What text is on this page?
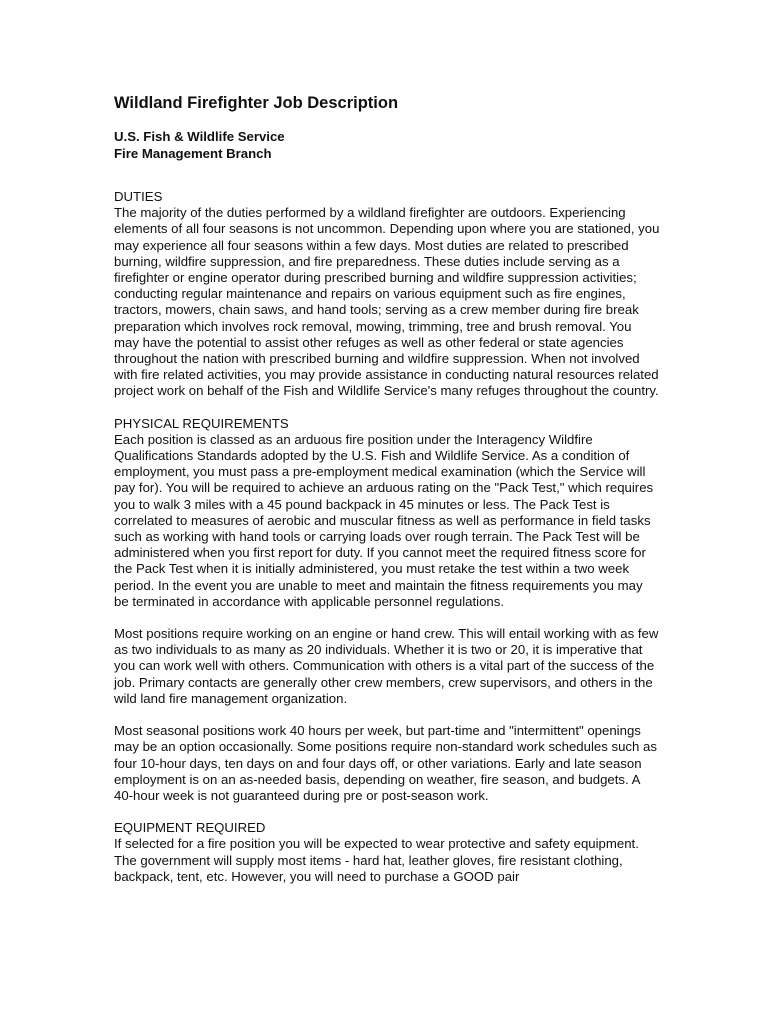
Wildland Firefighter Job Description
U.S. Fish & Wildlife Service
Fire Management Branch
DUTIES

The majority of the duties performed by a wildland firefighter are outdoors. Experiencing elements of all four seasons is not uncommon. Depending upon where you are stationed, you may experience all four seasons within a few days. Most duties are related to prescribed burning, wildfire suppression, and fire preparedness. These duties include serving as a firefighter or engine operator during prescribed burning and wildfire suppression activities; conducting regular maintenance and repairs on various equipment such as fire engines, tractors, mowers, chain saws, and hand tools; serving as a crew member during fire break preparation which involves rock removal, mowing, trimming, tree and brush removal. You may have the potential to assist other refuges as well as other federal or state agencies throughout the nation with prescribed burning and wildfire suppression. When not involved with fire related activities, you may provide assistance in conducting natural resources related project work on behalf of the Fish and Wildlife Service's many refuges throughout the country.

PHYSICAL REQUIREMENTS

Each position is classed as an arduous fire position under the Interagency Wildfire Qualifications Standards adopted by the U.S. Fish and Wildlife Service. As a condition of employment, you must pass a pre-employment medical examination (which the Service will pay for). You will be required to achieve an arduous rating on the "Pack Test," which requires you to walk 3 miles with a 45 pound backpack in 45 minutes or less. The Pack Test is correlated to measures of aerobic and muscular fitness as well as performance in field tasks such as working with hand tools or carrying loads over rough terrain. The Pack Test will be administered when you first report for duty. If you cannot meet the required fitness score for the Pack Test when it is initially administered, you must retake the test within a two week period. In the event you are unable to meet and maintain the fitness requirements you may be terminated in accordance with applicable personnel regulations.

Most positions require working on an engine or hand crew. This will entail working with as few as two individuals to as many as 20 individuals. Whether it is two or 20, it is imperative that you can work well with others. Communication with others is a vital part of the success of the job. Primary contacts are generally other crew members, crew supervisors, and others in the wild land fire management organization.

Most seasonal positions work 40 hours per week, but part-time and "intermittent" openings may be an option occasionally. Some positions require non-standard work schedules such as four 10-hour days, ten days on and four days off, or other variations. Early and late season employment is on an as-needed basis, depending on weather, fire season, and budgets. A 40-hour week is not guaranteed during pre or post-season work.

EQUIPMENT REQUIRED

If selected for a fire position you will be expected to wear protective and safety equipment. The government will supply most items - hard hat, leather gloves, fire resistant clothing, backpack, tent, etc. However, you will need to purchase a GOOD pair
